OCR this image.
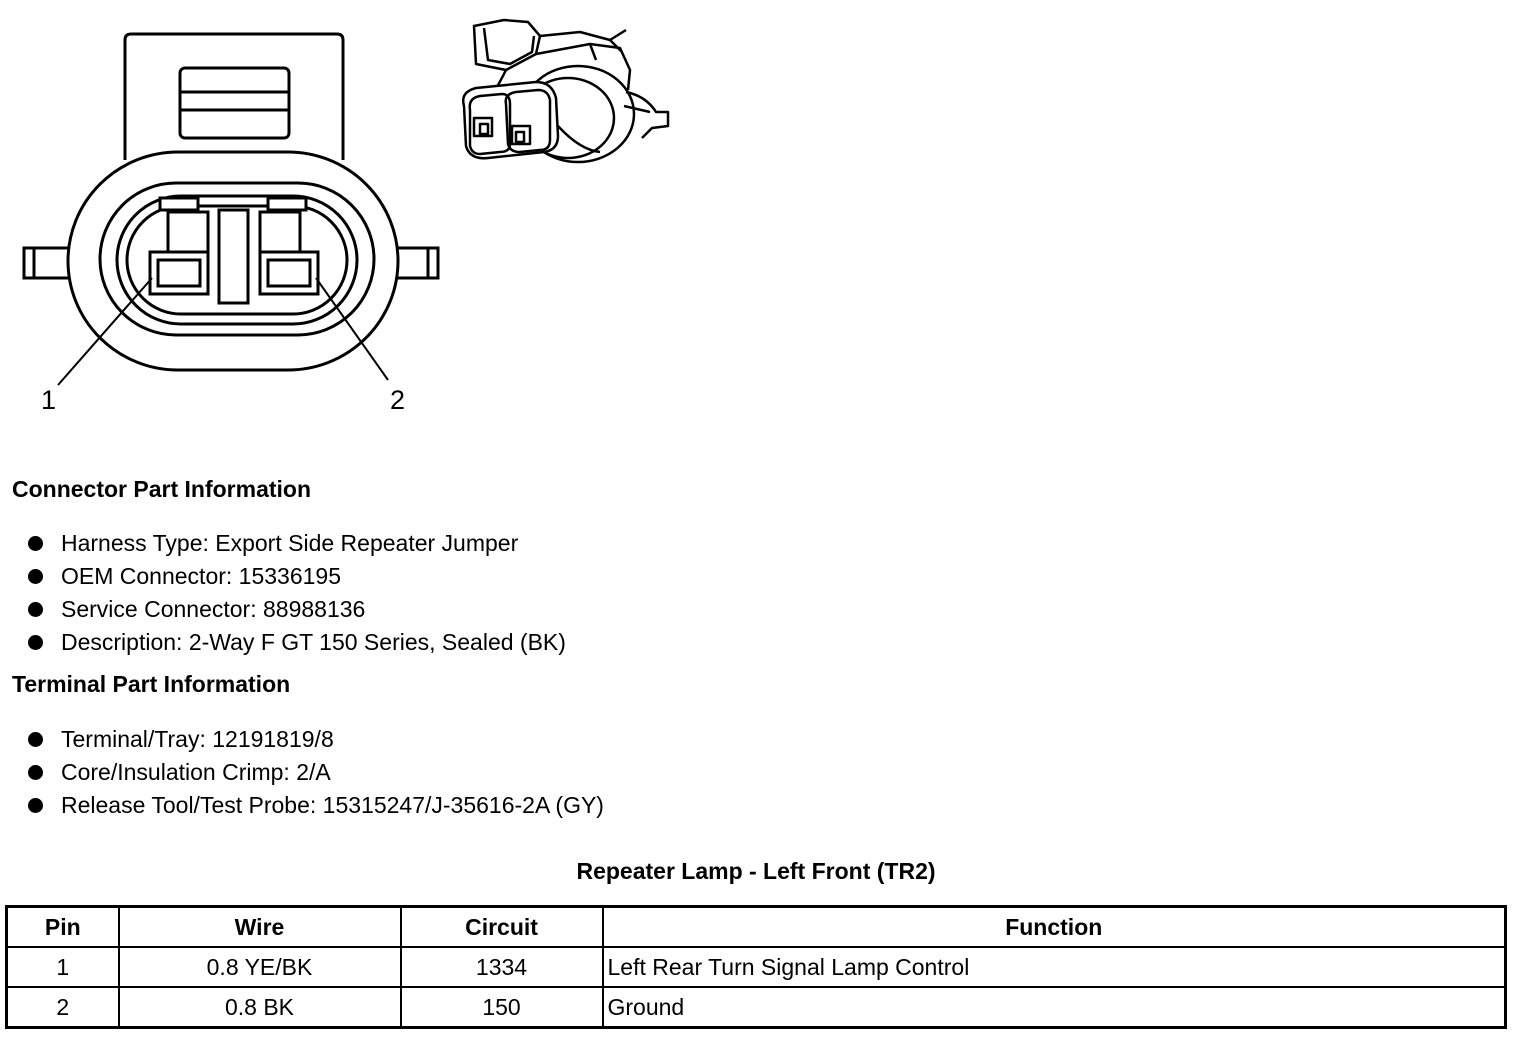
1	2
Connector Part Information
Harness Type: Export Side Repeater Jumper
OEM Connector: 15336195
Service Connector: 88988136
Description: 2-Way F GT 150 Series, Sealed (BK)
Terminal Part Information
Terminal/Tray: 12191819/8
Core/Insulation Crimp: 2/A
Release Tool/Test Probe: 15315247/J-35616-2A (GY)
Repeater Lamp - Left Front (TR2)
Pin	Wire	Circuit	Function
1	0.8 YE/BK	1334	Left Rear Turn Signal Lamp Control
2	0.8 BK	150	Ground
